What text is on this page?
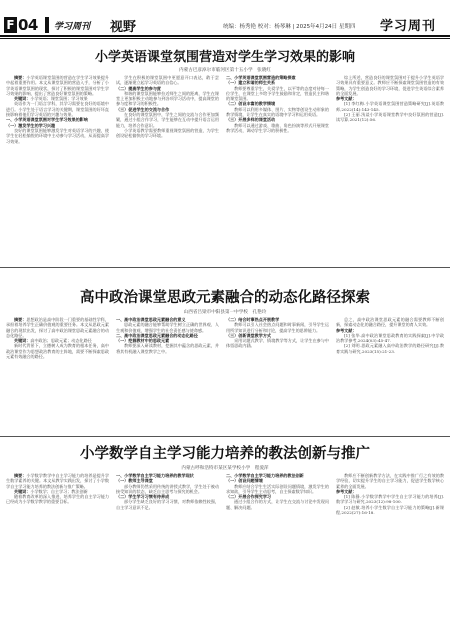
F 04 学习周刊 视野	统编：杨秀艳 校对：杨琴琳 | 2025年4月24日 星期四 学习周刊
小学英语课堂氛围营造对学生学习效果的影响
内蒙古巴彦淖尔市临河区第十五小学　张晓红

摘要：小学英语课堂氛围的营造在学生学习效果提升中起着重要作用。本文从课堂氛围的营造入手，分析了小学英语课堂氛围的现状，探讨了积极的课堂氛围对学生学习效果的影响，提出了营造良好课堂氛围的策略。

关键词：小学英语；课堂氛围；学习效果

英语作为一门语言学科，其学习需要在良好的语境中进行。小学生处于语言学习的关键期，课堂氛围的好坏直接影响着他们学习英语的兴趣与效果。

一、小学英语课堂氛围对学生学习效果的影响

（一）激发学生的学习兴趣

良好的课堂氛围能够激发学生对英语学习的兴趣，使学生在轻松愉悦的环境中主动参与学习活动，从而提高学习效果。

学生在积极的课堂氛围中更愿意开口表达，敢于尝试，逐渐建立起学习英语的自信心。

（二）提高学生的参与度

和谐的课堂氛围能够拉近师生之间的距离，学生在课堂上更加积极主动地参与到各项学习活动中，提高课堂的参与度和学习的积极性。

（三）促进学生的交流与合作

在良好的课堂氛围中，学生之间的交流与合作更加频繁，通过小组合作学习，学生能够在互动中提升语言运用能力，培养合作意识。

小学英语教学需要教师重视课堂氛围的营造，为学生创设轻松愉快的学习环境。

二、小学英语课堂氛围营造的策略探索

（一）建立和谐的师生关系

教师要尊重学生，关爱学生，以平等的态度对待每一位学生，在课堂上多给予学生鼓励和肯定，营造民主和谐的课堂氛围。

（二）创设丰富的教学情境

教师可以利用多媒体、图片、实物等创设生动形象的教学情境，让学生在真实的语境中学习和运用英语。

（三）开展多样的课堂活动

教师可以通过游戏、歌曲、角色扮演等形式开展课堂教学活动，调动学生学习的积极性。

综上所述，营造良好的课堂氛围对于提升小学生英语学习效果具有重要意义。教师应不断探索课堂氛围营造的有效策略，为学生创造良好的学习环境，促进学生英语综合素养的全面发展。

参考文献：

[1] 李红梅.小学英语课堂氛围营造策略研究[J].英语教师,2022(14):143-145.

[2] 王丽.浅谈小学英语课堂教学中良好氛围的营造[J].读写算,2021(12):56.

高中政治课堂思政元素融合的动态化路径探索
山西省吕梁市中阳县第一中学校　孔艳玲

摘要：思想政治是高中阶段一门重要的基础性学科，承担着培养学生正确价值观的重要任务。本文从思政元素融合的现状出发，探讨了高中政治课堂思政元素融合的动态化路径。

关键词：高中政治；思政元素；动态化路径

新时代背景下，立德树人成为教育的根本任务，高中政治课堂作为思想政治教育的主阵地，需要不断探索思政元素有效融合的路径。

一、高中政治课堂思政元素融合的意义

思政元素的融合能够帮助学生树立正确的世界观、人生观和价值观，增强学生的社会责任感与使命感。

二、高中政治课堂思政元素融合的动态化路径

（一）挖掘教材中的思政元素

教师要深入研读教材，挖掘其中蕴含的思政元素，并将其有机融入课堂教学之中。

（二）结合时事热点开展教学

教师可以引入社会热点问题和时事新闻，引导学生运用所学知识进行分析和讨论，提高学生的思辨能力。

（三）创新课堂教学方式

采用议题式教学、情境教学等方式，让学生在参与中体悟思政内涵。

总之，高中政治课堂思政元素的融合需要教师不断创新，探索动态化的融合路径，提升课堂的育人实效。

参考文献：

[1] 张华.高中政治课堂思政教育的实践探索[J].中学政治教学参考,2024(03):45-47.

[2] 刘明.思政元素融入高中政治教学的路径研究[J].教育实践与研究,2023(15):21-23.

小学数学自主学习能力培养的教法创新与推广
内蒙古呼和浩特市某区某学校小学　程爱萍

摘要：小学数学教学中自主学习能力的培养是提升学生数学素养的关键。本文从教学实践出发，探讨了小学数学自主学习能力培养的教法创新与推广策略。

关键词：小学数学；自主学习；教法创新

随着教育改革的深入推进，培养学生的自主学习能力已经成为小学数学教学的重要目标。

一、小学数学自主学习能力培养的教学现状

（一）教师主导课堂

部分教师仍然采用传统的讲授式教学，学生处于被动接受知识的状态，缺乏自主思考与探究的机会。

（二）学生学习习惯有待养成

部分学生缺乏良好的学习习惯，对教师依赖性较强，自主学习意识不足。

二、小学数学自主学习能力培养的教法创新

（一）创设问题情境

教师应结合学生生活实际创设问题情境，激发学生的求知欲，引导学生主动思考，自主探索数学知识。

（二）开展合作探究学习

通过小组合作的方式，让学生在交流与讨论中发现问题、解决问题。

教师应不断创新教学方法，在实践中推广行之有效的教学经验，切实提升学生的自主学习能力，促进学生数学核心素养的全面发展。

参考文献：

[1] 陈静.小学数学教学中学生自主学习能力的培养[J].数学学习与研究,2023(12):98-100.

[2] 赵敏.培养小学生数学自主学习能力的策略[J].新课程,2022(27):16-18.
